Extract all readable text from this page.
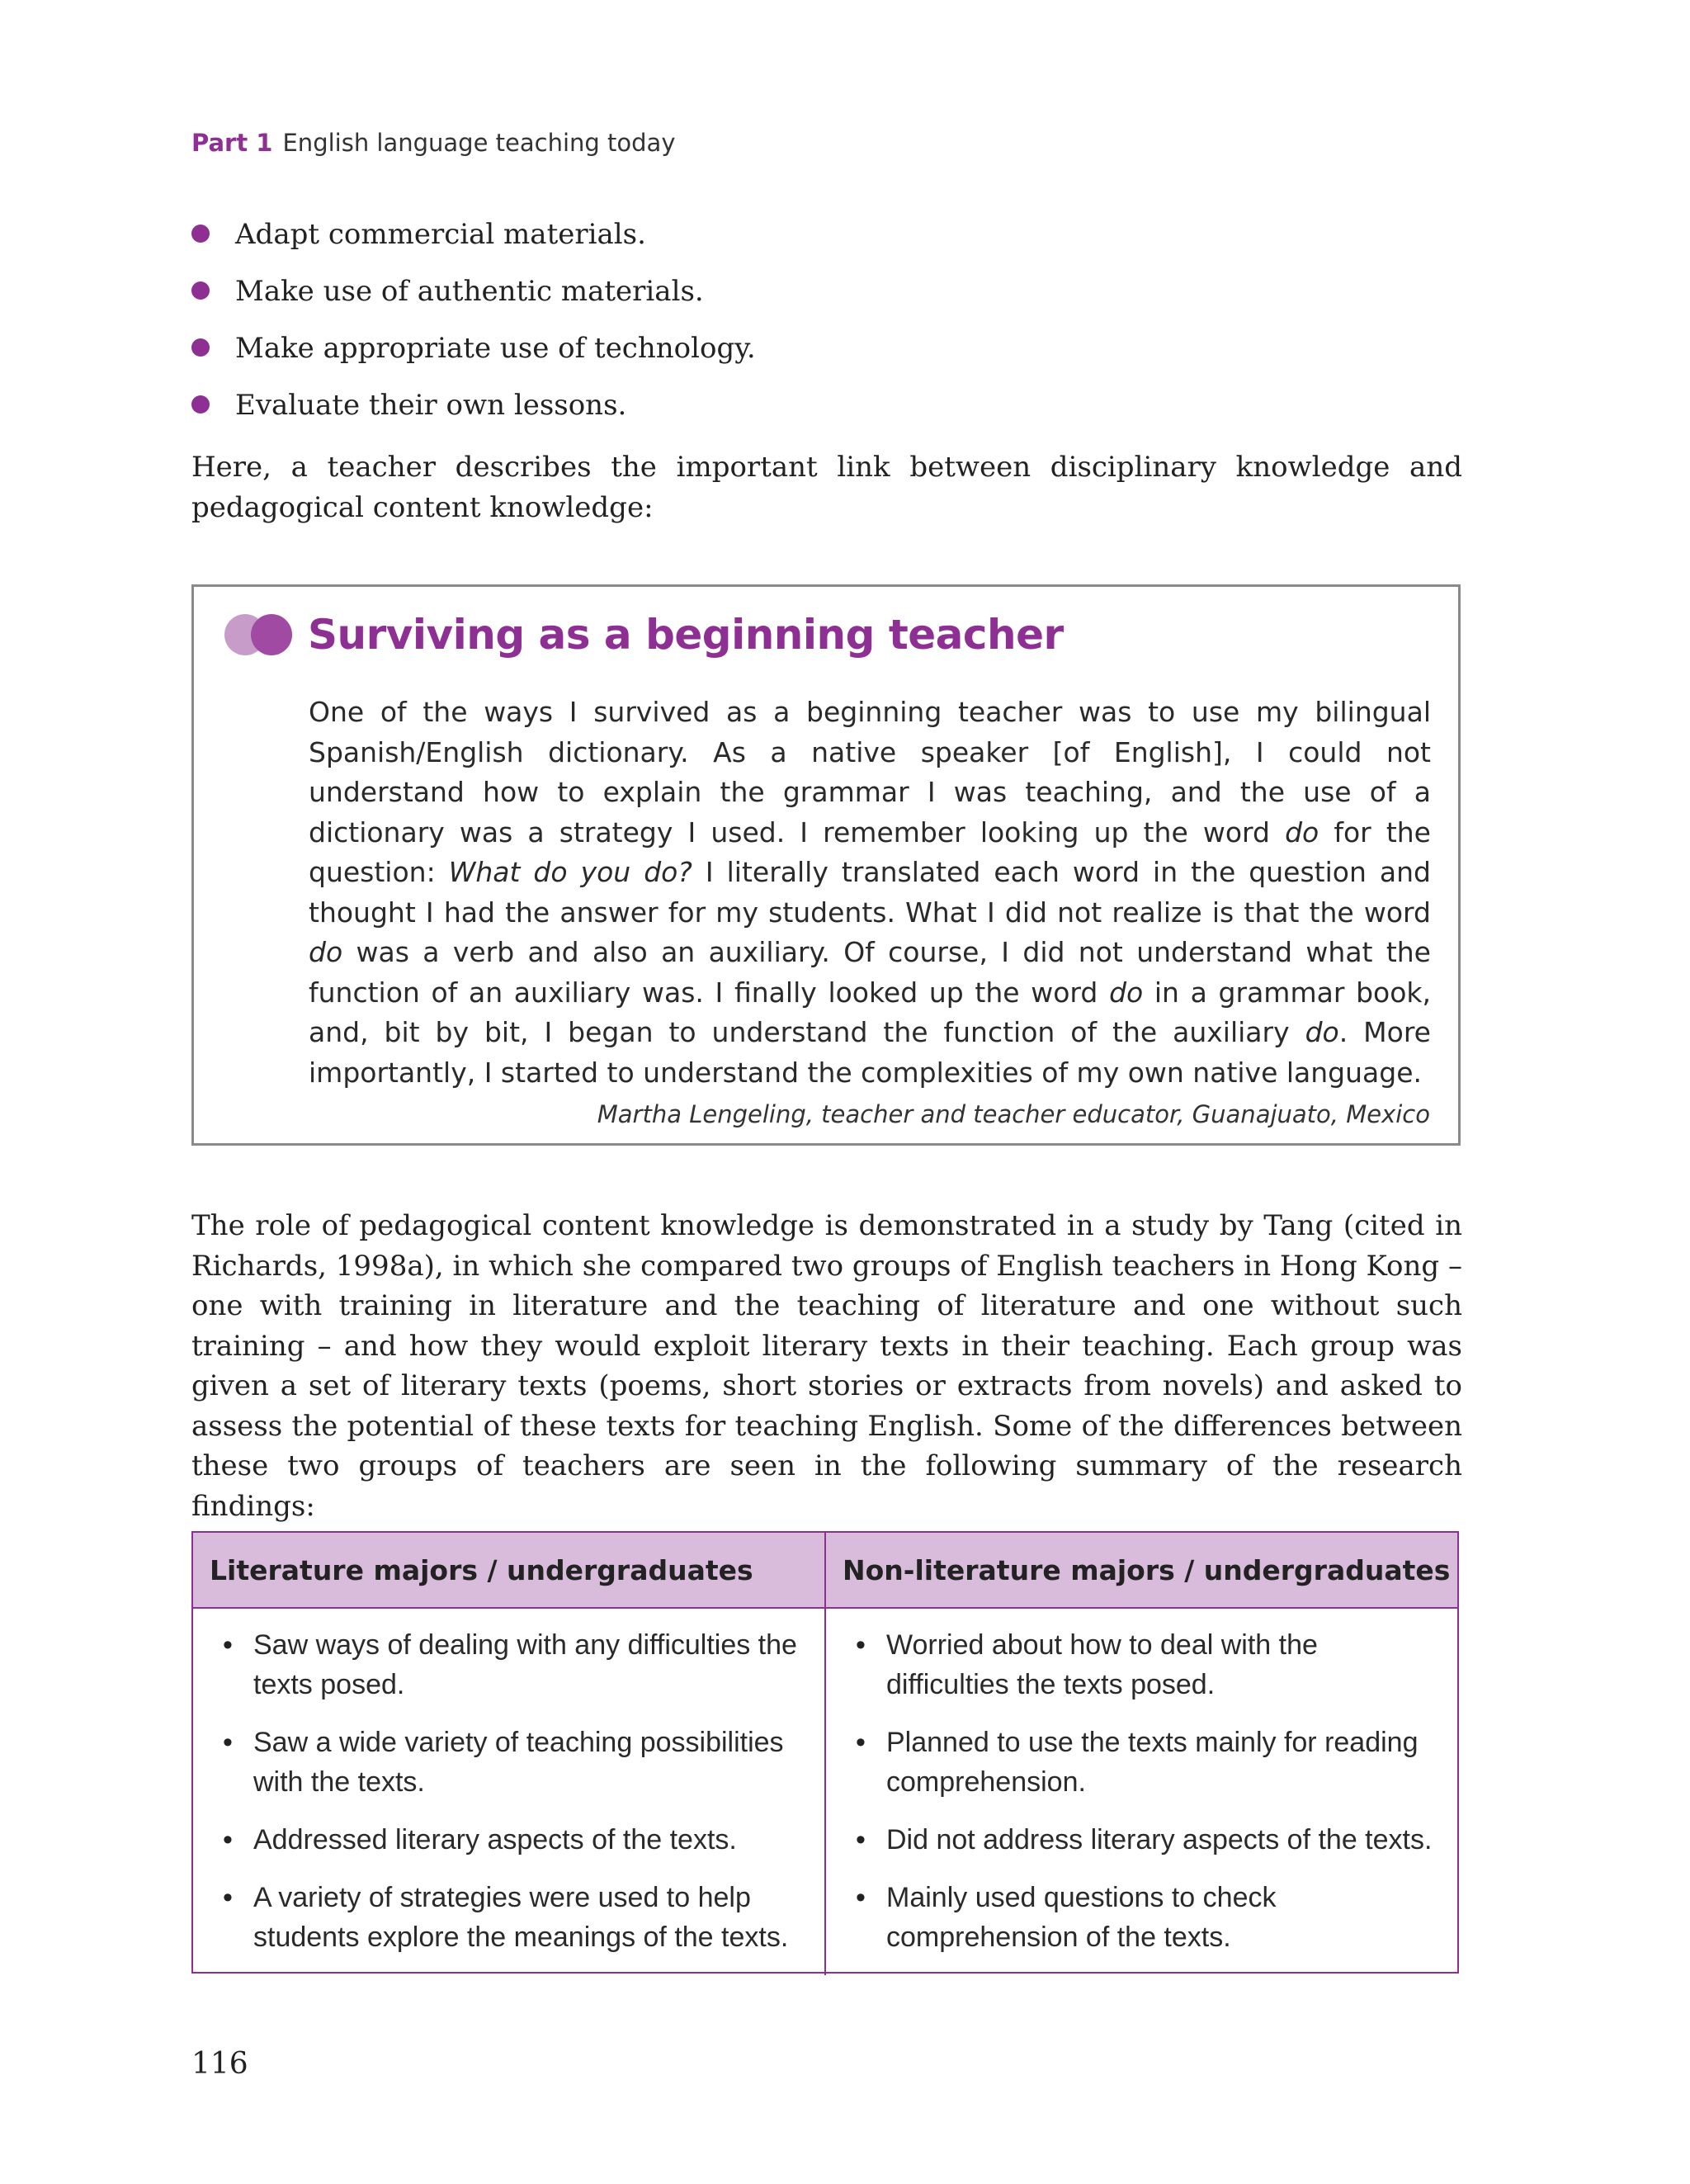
Part 1 English language teaching today
Adapt commercial materials.
Make use of authentic materials.
Make appropriate use of technology.
Evaluate their own lessons.

Here, a teacher describes the important link between disciplinary knowledge and pedagogical content knowledge:

Surviving as a beginning teacher

One of the ways I survived as a beginning teacher was to use my bilingual Spanish/English dictionary. As a native speaker [of English], I could not understand how to explain the grammar I was teaching, and the use of a dictionary was a strategy I used. I remember looking up the word do for the question: What do you do? I literally translated each word in the question and thought I had the answer for my students. What I did not realize is that the word do was a verb and also an auxiliary. Of course, I did not understand what the function of an auxiliary was. I finally looked up the word do in a grammar book, and, bit by bit, I began to understand the function of the auxiliary do. More importantly, I started to understand the complexities of my own native language.

Martha Lengeling, teacher and teacher educator, Guanajuato, Mexico

The role of pedagogical content knowledge is demonstrated in a study by Tang (cited in Richards, 1998a), in which she compared two groups of English teachers in Hong Kong – one with training in literature and the teaching of literature and one without such training – and how they would exploit literary texts in their teaching. Each group was given a set of literary texts (poems, short stories or extracts from novels) and asked to assess the potential of these texts for teaching English. Some of the differences between these two groups of teachers are seen in the following summary of the research findings:

Literature majors / undergraduates	Non-literature majors / undergraduates
• Saw ways of dealing with any difficulties the texts posed.
• Saw a wide variety of teaching possibilities with the texts.
• Addressed literary aspects of the texts.
• A variety of strategies were used to help students explore the meanings of the texts.
• Worried about how to deal with the difficulties the texts posed.
• Planned to use the texts mainly for reading comprehension.
• Did not address literary aspects of the texts.
• Mainly used questions to check comprehension of the texts.
116
